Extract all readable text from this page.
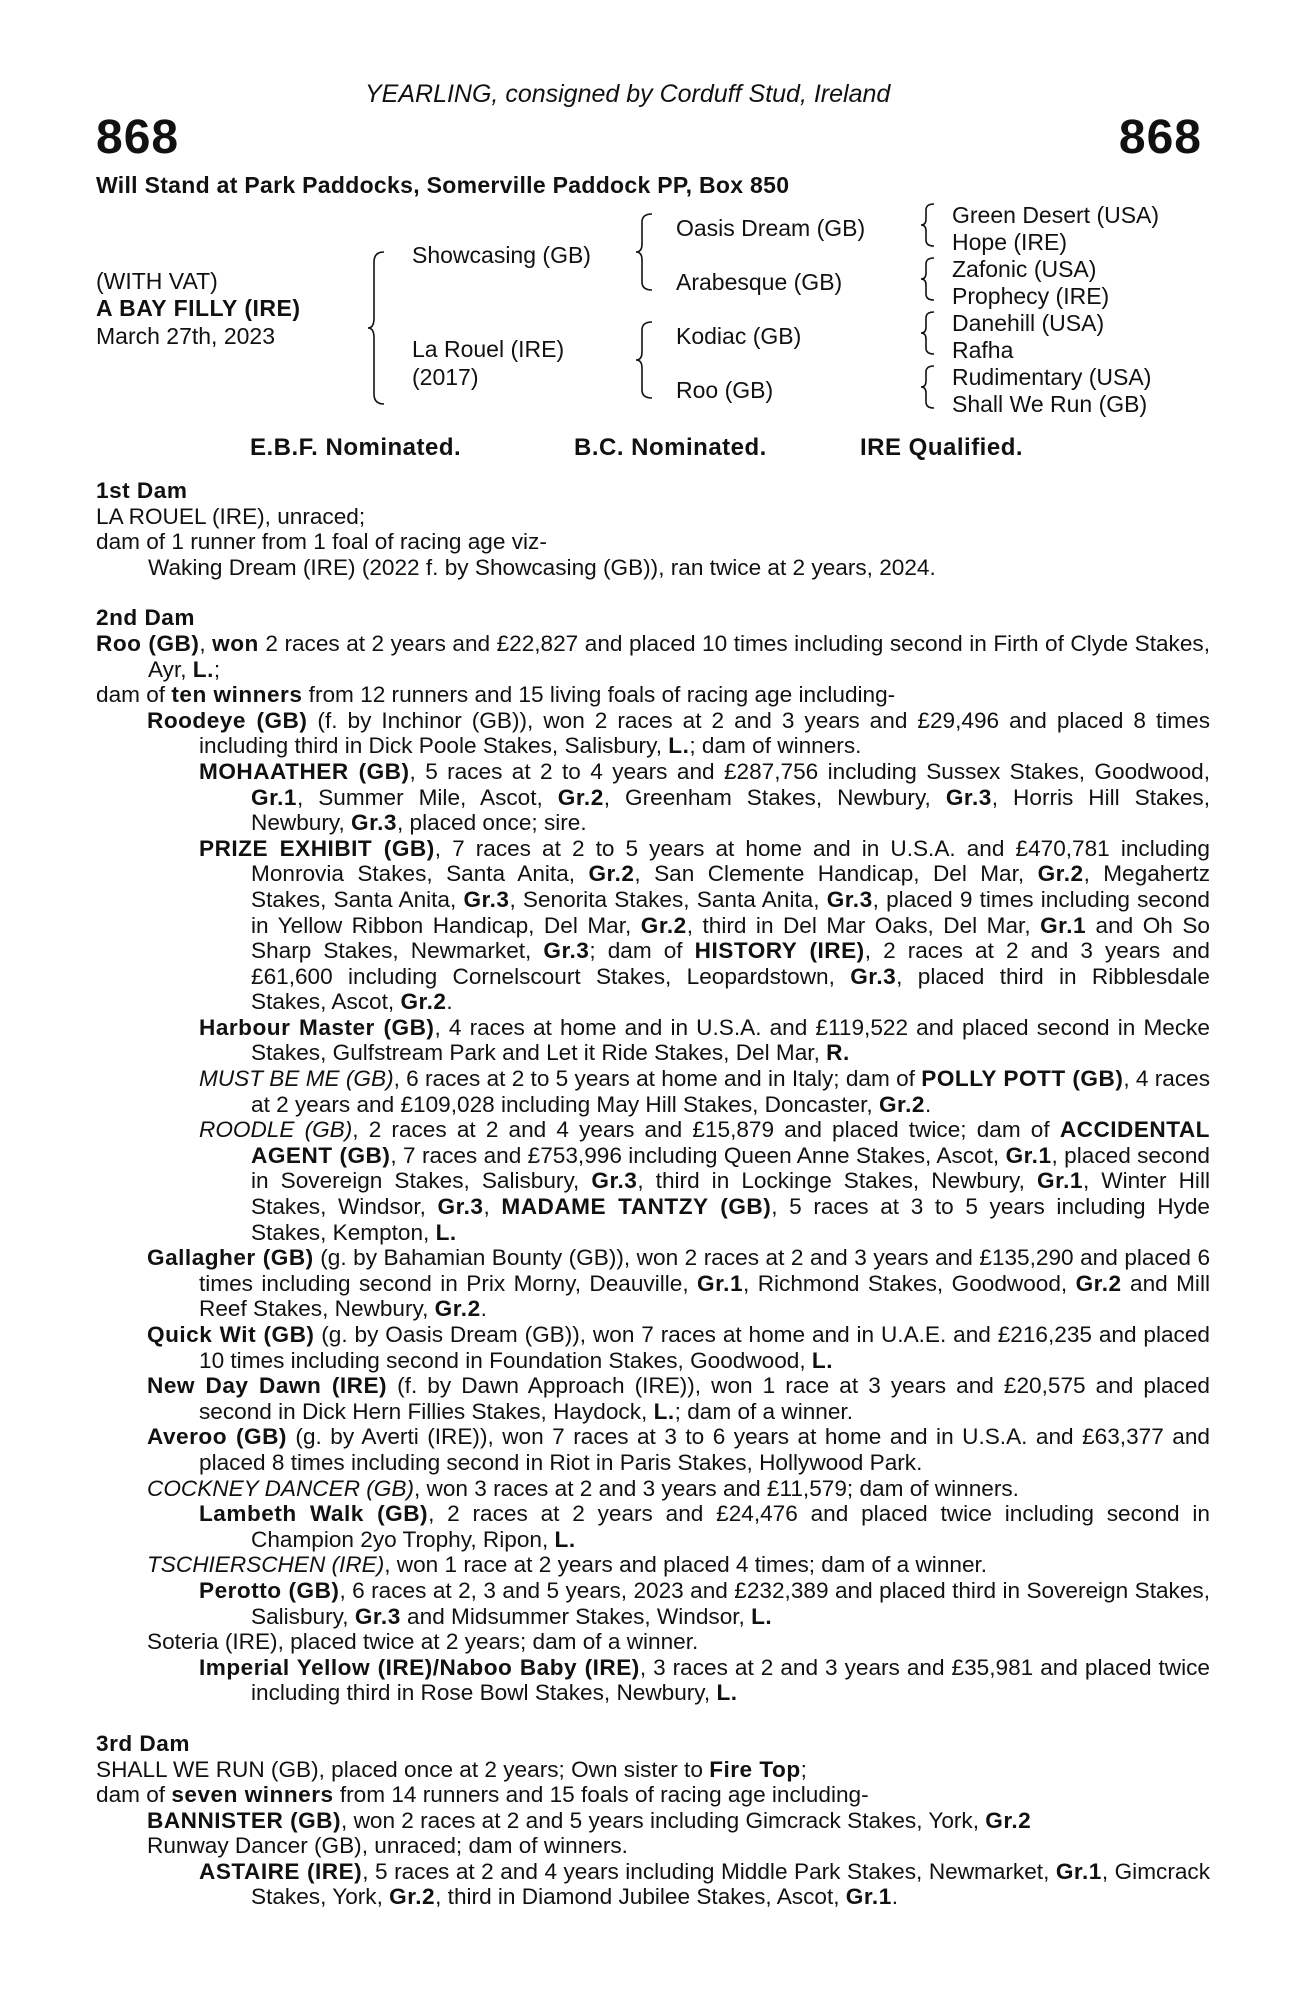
YEARLING, consigned by Corduff Stud, Ireland
868	868
Will Stand at Park Paddocks, Somerville Paddock PP, Box 850
(WITH VAT)
A BAY FILLY (IRE)
March 27th, 2023
Showcasing (GB)
La Rouel (IRE)
(2017)
Oasis Dream (GB)
Arabesque (GB)
Kodiac (GB)
Roo (GB)
Green Desert (USA)
Hope (IRE)
Zafonic (USA)
Prophecy (IRE)
Danehill (USA)
Rafha
Rudimentary (USA)
Shall We Run (GB)
E.B.F. Nominated.	B.C. Nominated.	IRE Qualified.
1st Dam

LA ROUEL (IRE), unraced;

dam of 1 runner from 1 foal of racing age viz-

Waking Dream (IRE) (2022 f. by Showcasing (GB)), ran twice at 2 years, 2024.

2nd Dam

Roo (GB), won 2 races at 2 years and £22,827 and placed 10 times including second in Firth of Clyde Stakes, Ayr, L.;

dam of ten winners from 12 runners and 15 living foals of racing age including-

Roodeye (GB) (f. by Inchinor (GB)), won 2 races at 2 and 3 years and £29,496 and placed 8 times including third in Dick Poole Stakes, Salisbury, L.; dam of winners.

MOHAATHER (GB), 5 races at 2 to 4 years and £287,756 including Sussex Stakes, Goodwood, Gr.1, Summer Mile, Ascot, Gr.2, Greenham Stakes, Newbury, Gr.3, Horris Hill Stakes, Newbury, Gr.3, placed once; sire.

PRIZE EXHIBIT (GB), 7 races at 2 to 5 years at home and in U.S.A. and £470,781 including Monrovia Stakes, Santa Anita, Gr.2, San Clemente Handicap, Del Mar, Gr.2, Megahertz Stakes, Santa Anita, Gr.3, Senorita Stakes, Santa Anita, Gr.3, placed 9 times including second in Yellow Ribbon Handicap, Del Mar, Gr.2, third in Del Mar Oaks, Del Mar, Gr.1 and Oh So Sharp Stakes, Newmarket, Gr.3; dam of HISTORY (IRE), 2 races at 2 and 3 years and £61,600 including Cornelscourt Stakes, Leopardstown, Gr.3, placed third in Ribblesdale Stakes, Ascot, Gr.2.

Harbour Master (GB), 4 races at home and in U.S.A. and £119,522 and placed second in Mecke Stakes, Gulfstream Park and Let it Ride Stakes, Del Mar, R.

MUST BE ME (GB), 6 races at 2 to 5 years at home and in Italy; dam of POLLY POTT (GB), 4 races at 2 years and £109,028 including May Hill Stakes, Doncaster, Gr.2.

ROODLE (GB), 2 races at 2 and 4 years and £15,879 and placed twice; dam of ACCIDENTAL AGENT (GB), 7 races and £753,996 including Queen Anne Stakes, Ascot, Gr.1, placed second in Sovereign Stakes, Salisbury, Gr.3, third in Lockinge Stakes, Newbury, Gr.1, Winter Hill Stakes, Windsor, Gr.3, MADAME TANTZY (GB), 5 races at 3 to 5 years including Hyde Stakes, Kempton, L.

Gallagher (GB) (g. by Bahamian Bounty (GB)), won 2 races at 2 and 3 years and £135,290 and placed 6 times including second in Prix Morny, Deauville, Gr.1, Richmond Stakes, Goodwood, Gr.2 and Mill Reef Stakes, Newbury, Gr.2.

Quick Wit (GB) (g. by Oasis Dream (GB)), won 7 races at home and in U.A.E. and £216,235 and placed 10 times including second in Foundation Stakes, Goodwood, L.

New Day Dawn (IRE) (f. by Dawn Approach (IRE)), won 1 race at 3 years and £20,575 and placed second in Dick Hern Fillies Stakes, Haydock, L.; dam of a winner.

Averoo (GB) (g. by Averti (IRE)), won 7 races at 3 to 6 years at home and in U.S.A. and £63,377 and placed 8 times including second in Riot in Paris Stakes, Hollywood Park.

COCKNEY DANCER (GB), won 3 races at 2 and 3 years and £11,579; dam of winners.

Lambeth Walk (GB), 2 races at 2 years and £24,476 and placed twice including second in Champion 2yo Trophy, Ripon, L.

TSCHIERSCHEN (IRE), won 1 race at 2 years and placed 4 times; dam of a winner.

Perotto (GB), 6 races at 2, 3 and 5 years, 2023 and £232,389 and placed third in Sovereign Stakes, Salisbury, Gr.3 and Midsummer Stakes, Windsor, L.

Soteria (IRE), placed twice at 2 years; dam of a winner.

Imperial Yellow (IRE)/Naboo Baby (IRE), 3 races at 2 and 3 years and £35,981 and placed twice including third in Rose Bowl Stakes, Newbury, L.

3rd Dam

SHALL WE RUN (GB), placed once at 2 years; Own sister to Fire Top;

dam of seven winners from 14 runners and 15 foals of racing age including-

BANNISTER (GB), won 2 races at 2 and 5 years including Gimcrack Stakes, York, Gr.2

Runway Dancer (GB), unraced; dam of winners.

ASTAIRE (IRE), 5 races at 2 and 4 years including Middle Park Stakes, Newmarket, Gr.1, Gimcrack Stakes, York, Gr.2, third in Diamond Jubilee Stakes, Ascot, Gr.1.
